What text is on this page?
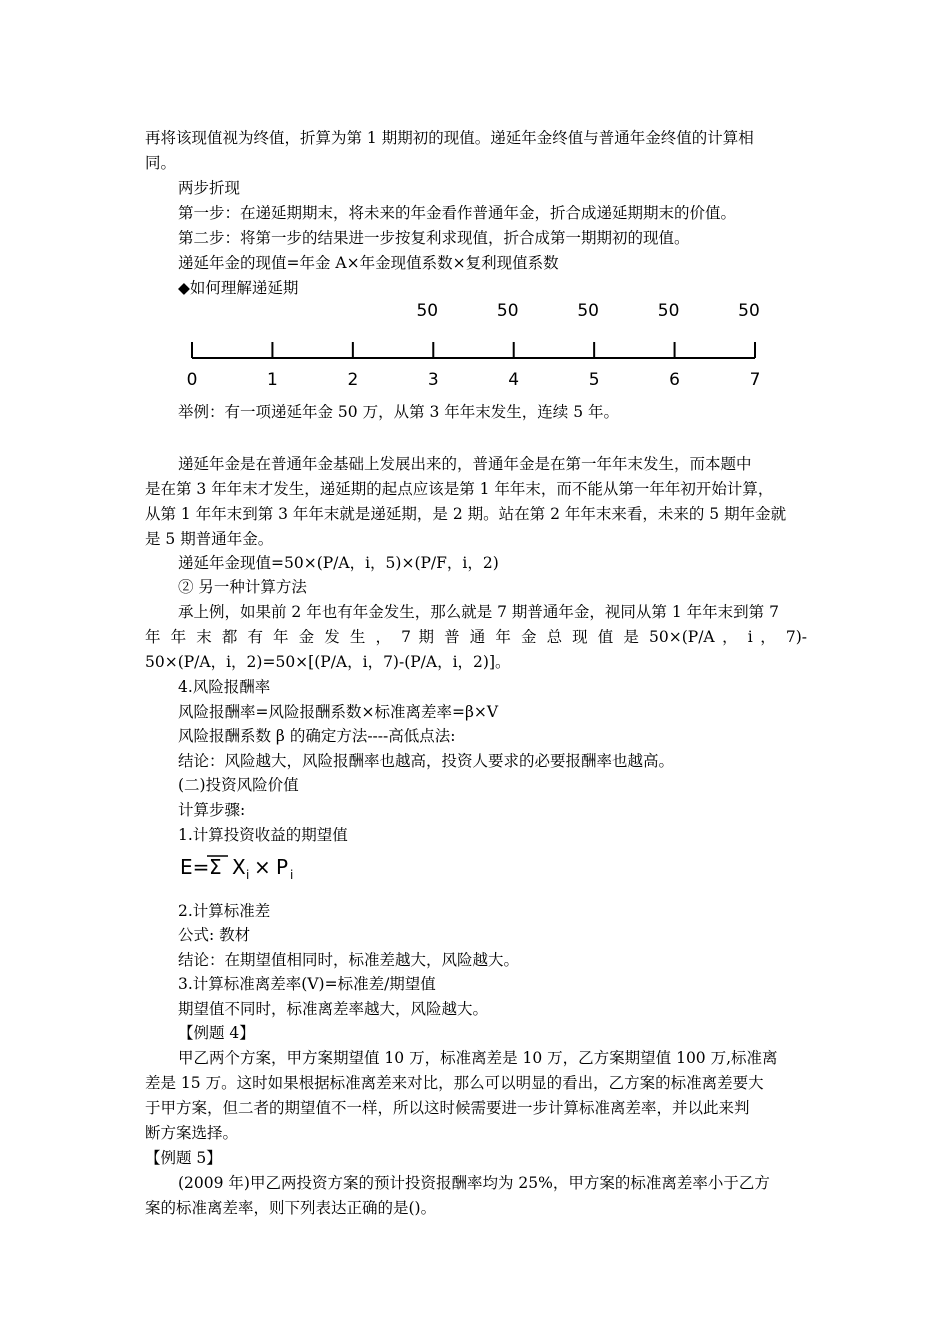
再将该现值视为终值，折算为第 1 期期初的现值。递延年金终值与普通年金终值的计算相
同。
两步折现
第一步：在递延期期末，将未来的年金看作普通年金，折合成递延期期末的价值。
第二步：将第一步的结果进一步按复利求现值，折合成第一期期初的现值。
递延年金的现值=年金 A×年金现值系数×复利现值系数
◆如何理解递延期
0	1	2	3
50
4
50
5
50
6
50
7
50
举例：有一项递延年金 50 万，从第 3 年年末发生，连续 5 年。
递延年金是在普通年金基础上发展出来的，普通年金是在第一年年末发生，而本题中
是在第 3 年年末才发生，递延期的起点应该是第 1 年年末，而不能从第一年年初开始计算，
从第 1 年年末到第 3 年年末就是递延期，是 2 期。站在第 2 年年末来看，未来的 5 期年金就
是 5 期普通年金。
递延年金现值=50×(P/A，i，5)×(P/F，i，2)
② 另一种计算方法
承上例，如果前 2 年也有年金发生，那么就是 7 期普通年金，视同从第 1 年年末到第 7
年 年 末 都 有 年 金 发 生 ， 7 期 普 通 年 金 总 现 值 是 50×(P/A ， i ， 7)-
50×(P/A，i，2)=50×[(P/A，i，7)-(P/A，i，2)]。
4.风险报酬率
风险报酬率=风险报酬系数×标准离差率=β×V
风险报酬系数 β 的确定方法----高低点法:
结论：风险越大，风险报酬率也越高，投资人要求的必要报酬率也越高。
(二)投资风险价值
计算步骤:
1.计算投资收益的期望值
E= Σ X i × P i
2.计算标准差
公式: 教材
结论：在期望值相同时，标准差越大，风险越大。
3.计算标准离差率(V)=标准差/期望值
期望值不同时，标准离差率越大，风险越大。
【例题 4】
甲乙两个方案，甲方案期望值 10 万，标准离差是 10 万，乙方案期望值 100 万,标准离
差是 15 万。这时如果根据标准离差来对比，那么可以明显的看出，乙方案的标准离差要大
于甲方案，但二者的期望值不一样，所以这时候需要进一步计算标准离差率，并以此来判
断方案选择。
【例题 5】
(2009 年)甲乙两投资方案的预计投资报酬率均为 25%，甲方案的标准离差率小于乙方
案的标准离差率，则下列表达正确的是()。
